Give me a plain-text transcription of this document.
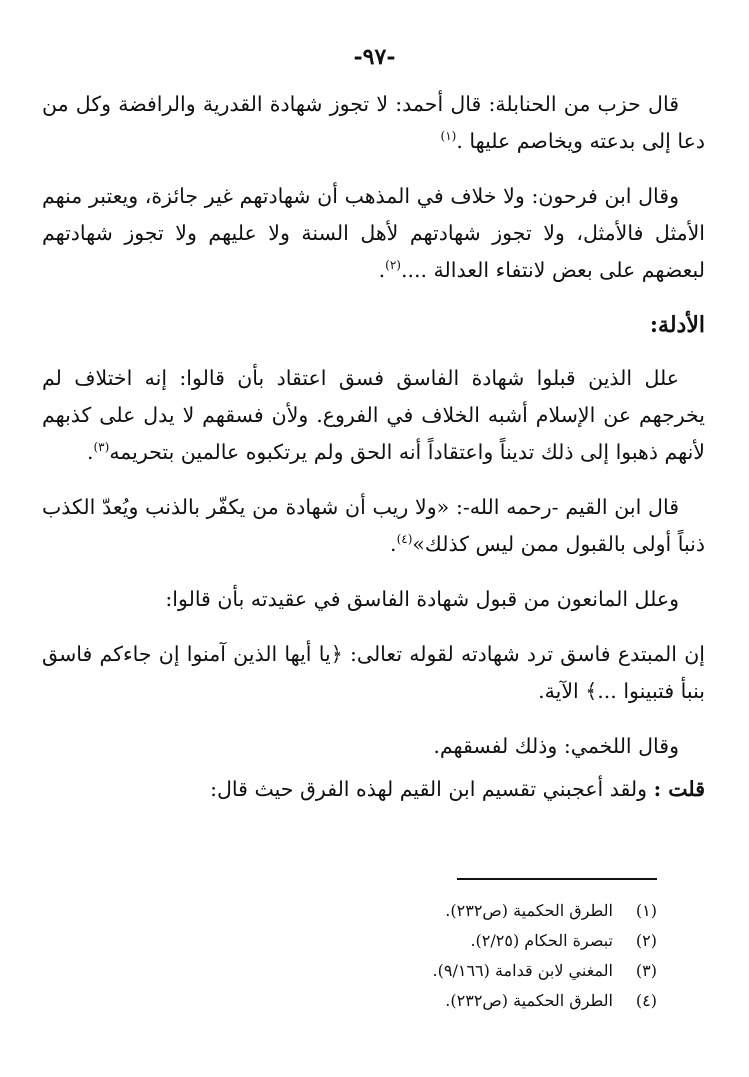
-٩٧-

قال حزب من الحنابلة: قال أحمد: لا تجوز شهادة القدرية والرافضة وكل من دعا إلى بدعته ويخاصم عليها .$^{(١)}$

وقال ابن فرحون: ولا خلاف في المذهب أن شهادتهم غير جائزة، ويعتبر منهم الأمثل فالأمثل، ولا تجوز شهادتهم لأهل السنة ولا عليهم ولا تجوز شهادتهم لبعضهم على بعض لانتفاء العدالة ....$^{(٢)}$.

الأدلة:

علل الذين قبلوا شهادة الفاسق فسق اعتقاد بأن قالوا: إنه اختلاف لم يخرجهم عن الإسلام أشبه الخلاف في الفروع. ولأن فسقهم لا يدل على كذبهم لأنهم ذهبوا إلى ذلك تديناً واعتقاداً أنه الحق ولم يرتكبوه عالمين بتحريمه$^{(٣)}$.

قال ابن القيم -رحمه الله-: «ولا ريب أن شهادة من يكفّر بالذنب ويُعدّ الكذب ذنباً أولى بالقبول ممن ليس كذلك»$^{(٤)}$.

وعلل المانعون من قبول شهادة الفاسق في عقيدته بأن قالوا:

إن المبتدع فاسق ترد شهادته لقوله تعالى: ﴿يا أيها الذين آمنوا إن جاءكم فاسق بنبأ فتبينوا ...﴾ الآية.

وقال اللخمي: وذلك لفسقهم.

قلت : ولقد أعجبني تقسيم ابن القيم لهذه الفرق حيث قال:

(١)
الطرق الحكمية (ص٢٣٢).
(٢)
تبصرة الحكام (٢/٢٥).
(٣)
المغني لابن قدامة (٩/١٦٦).
(٤)
الطرق الحكمية (ص٢٣٢).
